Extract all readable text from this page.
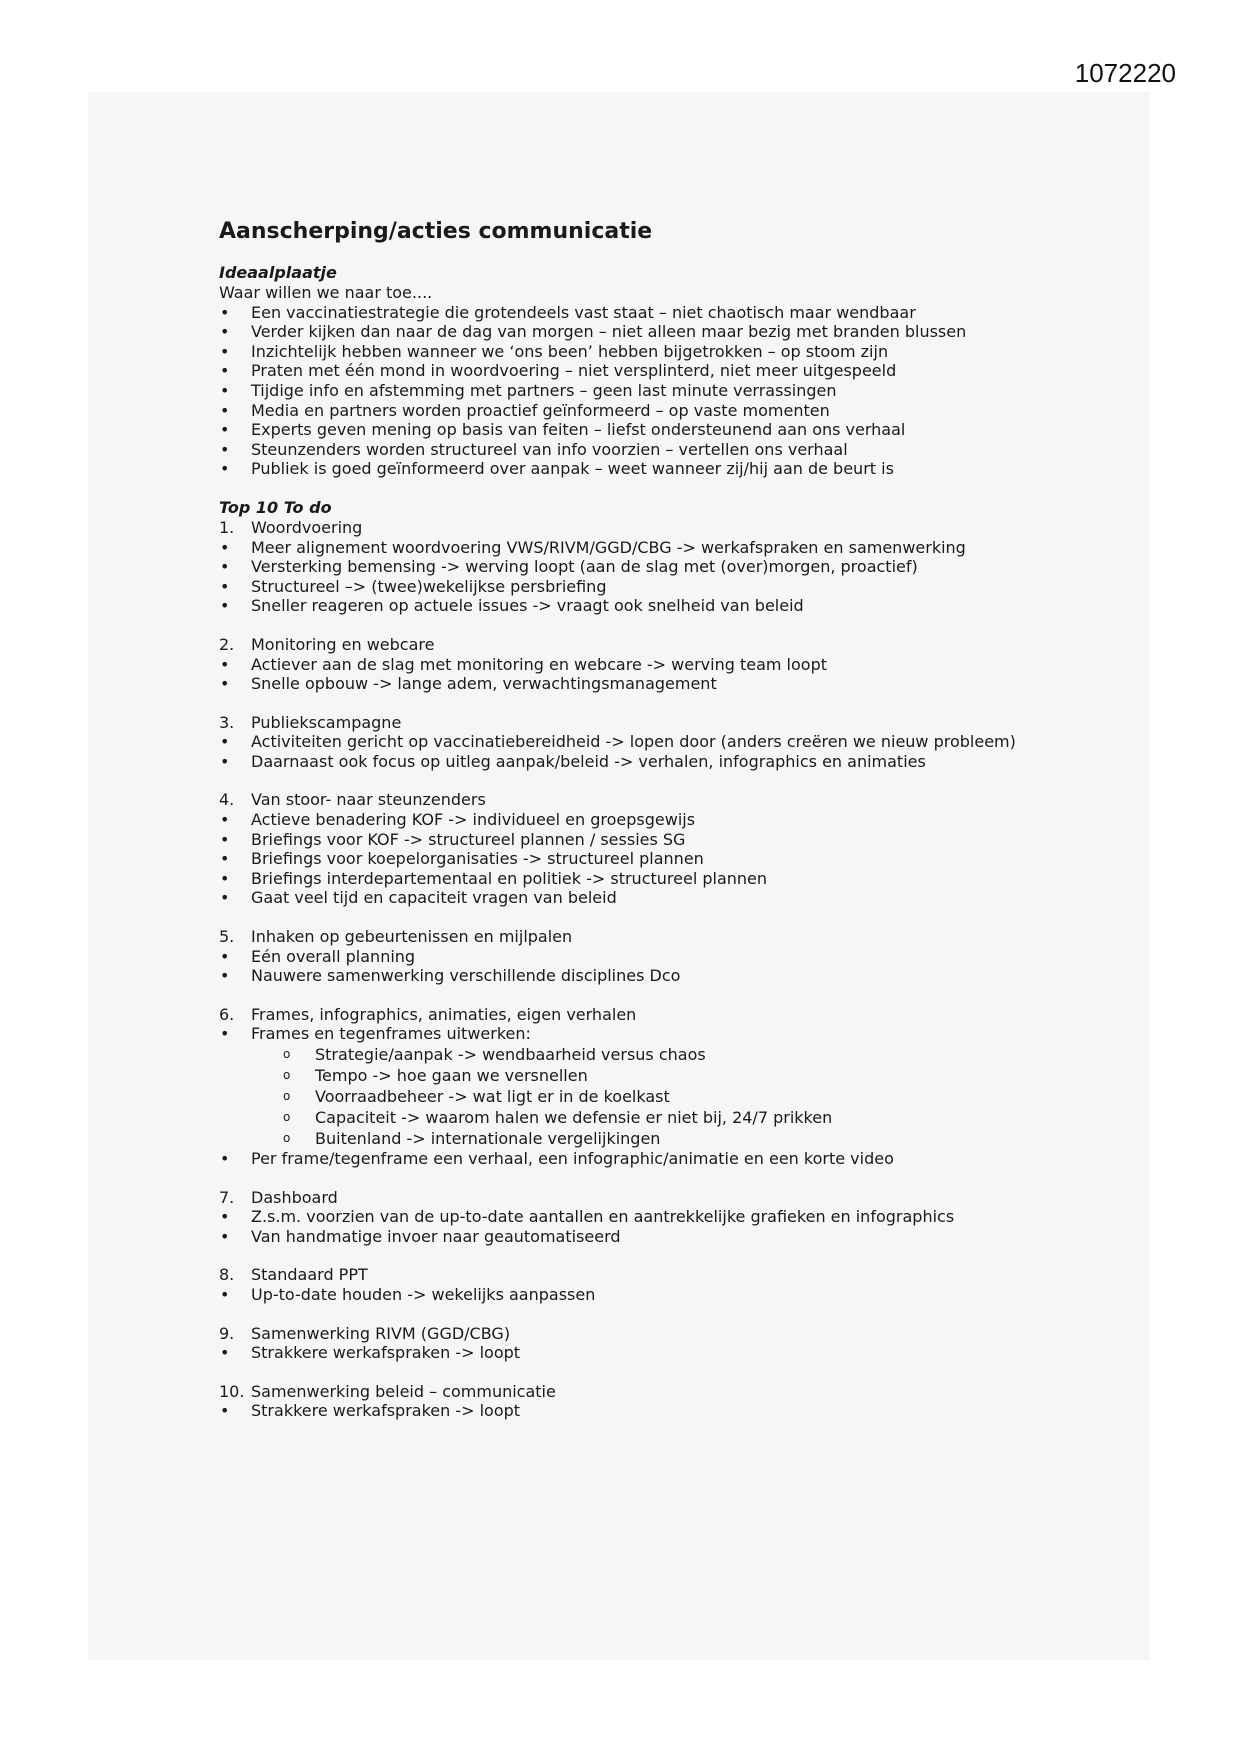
1072220
Aanscherping/acties communicatie
Ideaalplaatje

Waar willen we naar toe....

• Een vaccinatiestrategie die grotendeels vast staat – niet chaotisch maar wendbaar
• Verder kijken dan naar de dag van morgen – niet alleen maar bezig met branden blussen
• Inzichtelijk hebben wanneer we ‘ons been’ hebben bijgetrokken – op stoom zijn
• Praten met één mond in woordvoering – niet versplinterd, niet meer uitgespeeld
• Tijdige info en afstemming met partners – geen last minute verrassingen
• Media en partners worden proactief geïnformeerd – op vaste momenten
• Experts geven mening op basis van feiten – liefst ondersteunend aan ons verhaal
• Steunzenders worden structureel van info voorzien – vertellen ons verhaal
• Publiek is goed geïnformeerd over aanpak – weet wanneer zij/hij aan de beurt is
Top 10 To do
1. Woordvoering
• Meer alignement woordvoering VWS/RIVM/GGD/CBG -> werkafspraken en samenwerking
• Versterking bemensing -> werving loopt (aan de slag met (over)morgen, proactief)
• Structureel –> (twee)wekelijkse persbriefing
• Sneller reageren op actuele issues -> vraagt ook snelheid van beleid
2. Monitoring en webcare
• Actiever aan de slag met monitoring en webcare -> werving team loopt
• Snelle opbouw -> lange adem, verwachtingsmanagement
3. Publiekscampagne
• Activiteiten gericht op vaccinatiebereidheid -> lopen door (anders creëren we nieuw probleem)
• Daarnaast ook focus op uitleg aanpak/beleid -> verhalen, infographics en animaties
4. Van stoor- naar steunzenders
• Actieve benadering KOF -> individueel en groepsgewijs
• Briefings voor KOF -> structureel plannen / sessies SG
• Briefings voor koepelorganisaties -> structureel plannen
• Briefings interdepartementaal en politiek -> structureel plannen
• Gaat veel tijd en capaciteit vragen van beleid
5. Inhaken op gebeurtenissen en mijlpalen
• Eén overall planning
• Nauwere samenwerking verschillende disciplines Dco
6. Frames, infographics, animaties, eigen verhalen
• Frames en tegenframes uitwerken:
o Strategie/aanpak -> wendbaarheid versus chaos
o Tempo -> hoe gaan we versnellen
o Voorraadbeheer -> wat ligt er in de koelkast
o Capaciteit -> waarom halen we defensie er niet bij, 24/7 prikken
o Buitenland -> internationale vergelijkingen
• Per frame/tegenframe een verhaal, een infographic/animatie en een korte video
7. Dashboard
• Z.s.m. voorzien van de up-to-date aantallen en aantrekkelijke grafieken en infographics
• Van handmatige invoer naar geautomatiseerd
8. Standaard PPT
• Up-to-date houden -> wekelijks aanpassen
9. Samenwerking RIVM (GGD/CBG)
• Strakkere werkafspraken -> loopt
10. Samenwerking beleid – communicatie
• Strakkere werkafspraken -> loopt
